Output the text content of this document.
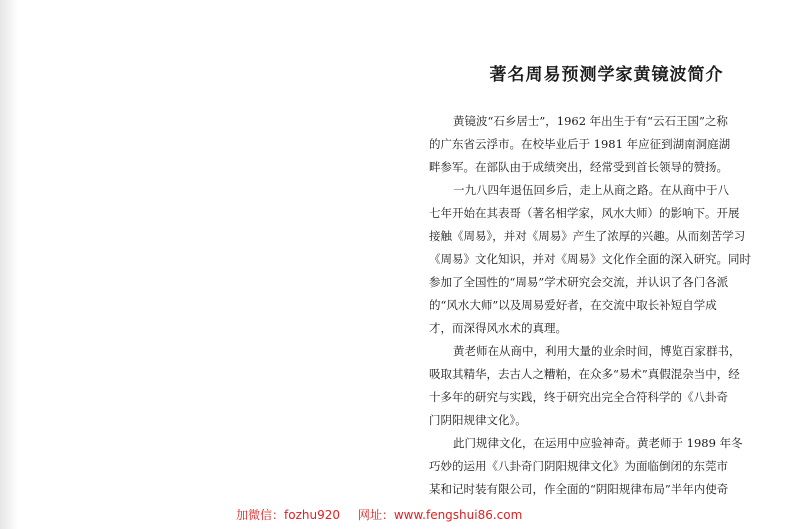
著名周易预测学家黄镜波简介
黄镜波“石乡居士”，1962 年出生于有“云石王国”之称
的广东省云浮市。在校毕业后于 1981 年应征到湖南洞庭湖
畔参军。在部队由于成绩突出，经常受到首长领导的赞扬。
一九八四年退伍回乡后，走上从商之路。在从商中于八
七年开始在其表哥（著名相学家，风水大师）的影响下。开展
接触《周易》，并对《周易》产生了浓厚的兴趣。从而刻苦学习
《周易》文化知识，并对《周易》文化作全面的深入研究。同时
参加了全国性的“周易”学术研究会交流，并认识了各门各派
的“风水大师”以及周易爱好者，在交流中取长补短自学成
才，而深得风水术的真理。
黄老师在从商中，利用大量的业余时间，博览百家群书，
吸取其精华，去古人之糟粕，在众多“易术”真假混杂当中，经
十多年的研究与实践，终于研究出完全合符科学的《八卦奇
门阴阳规律文化》。
此门规律文化，在运用中应验神奇。黄老师于 1989 年冬
巧妙的运用《八卦奇门阴阳规律文化》为面临倒闭的东莞市
某和记时装有限公司，作全面的“阴阳规律布局”半年内使奇
加微信：fozhu920 网址：www.fengshui86.com
